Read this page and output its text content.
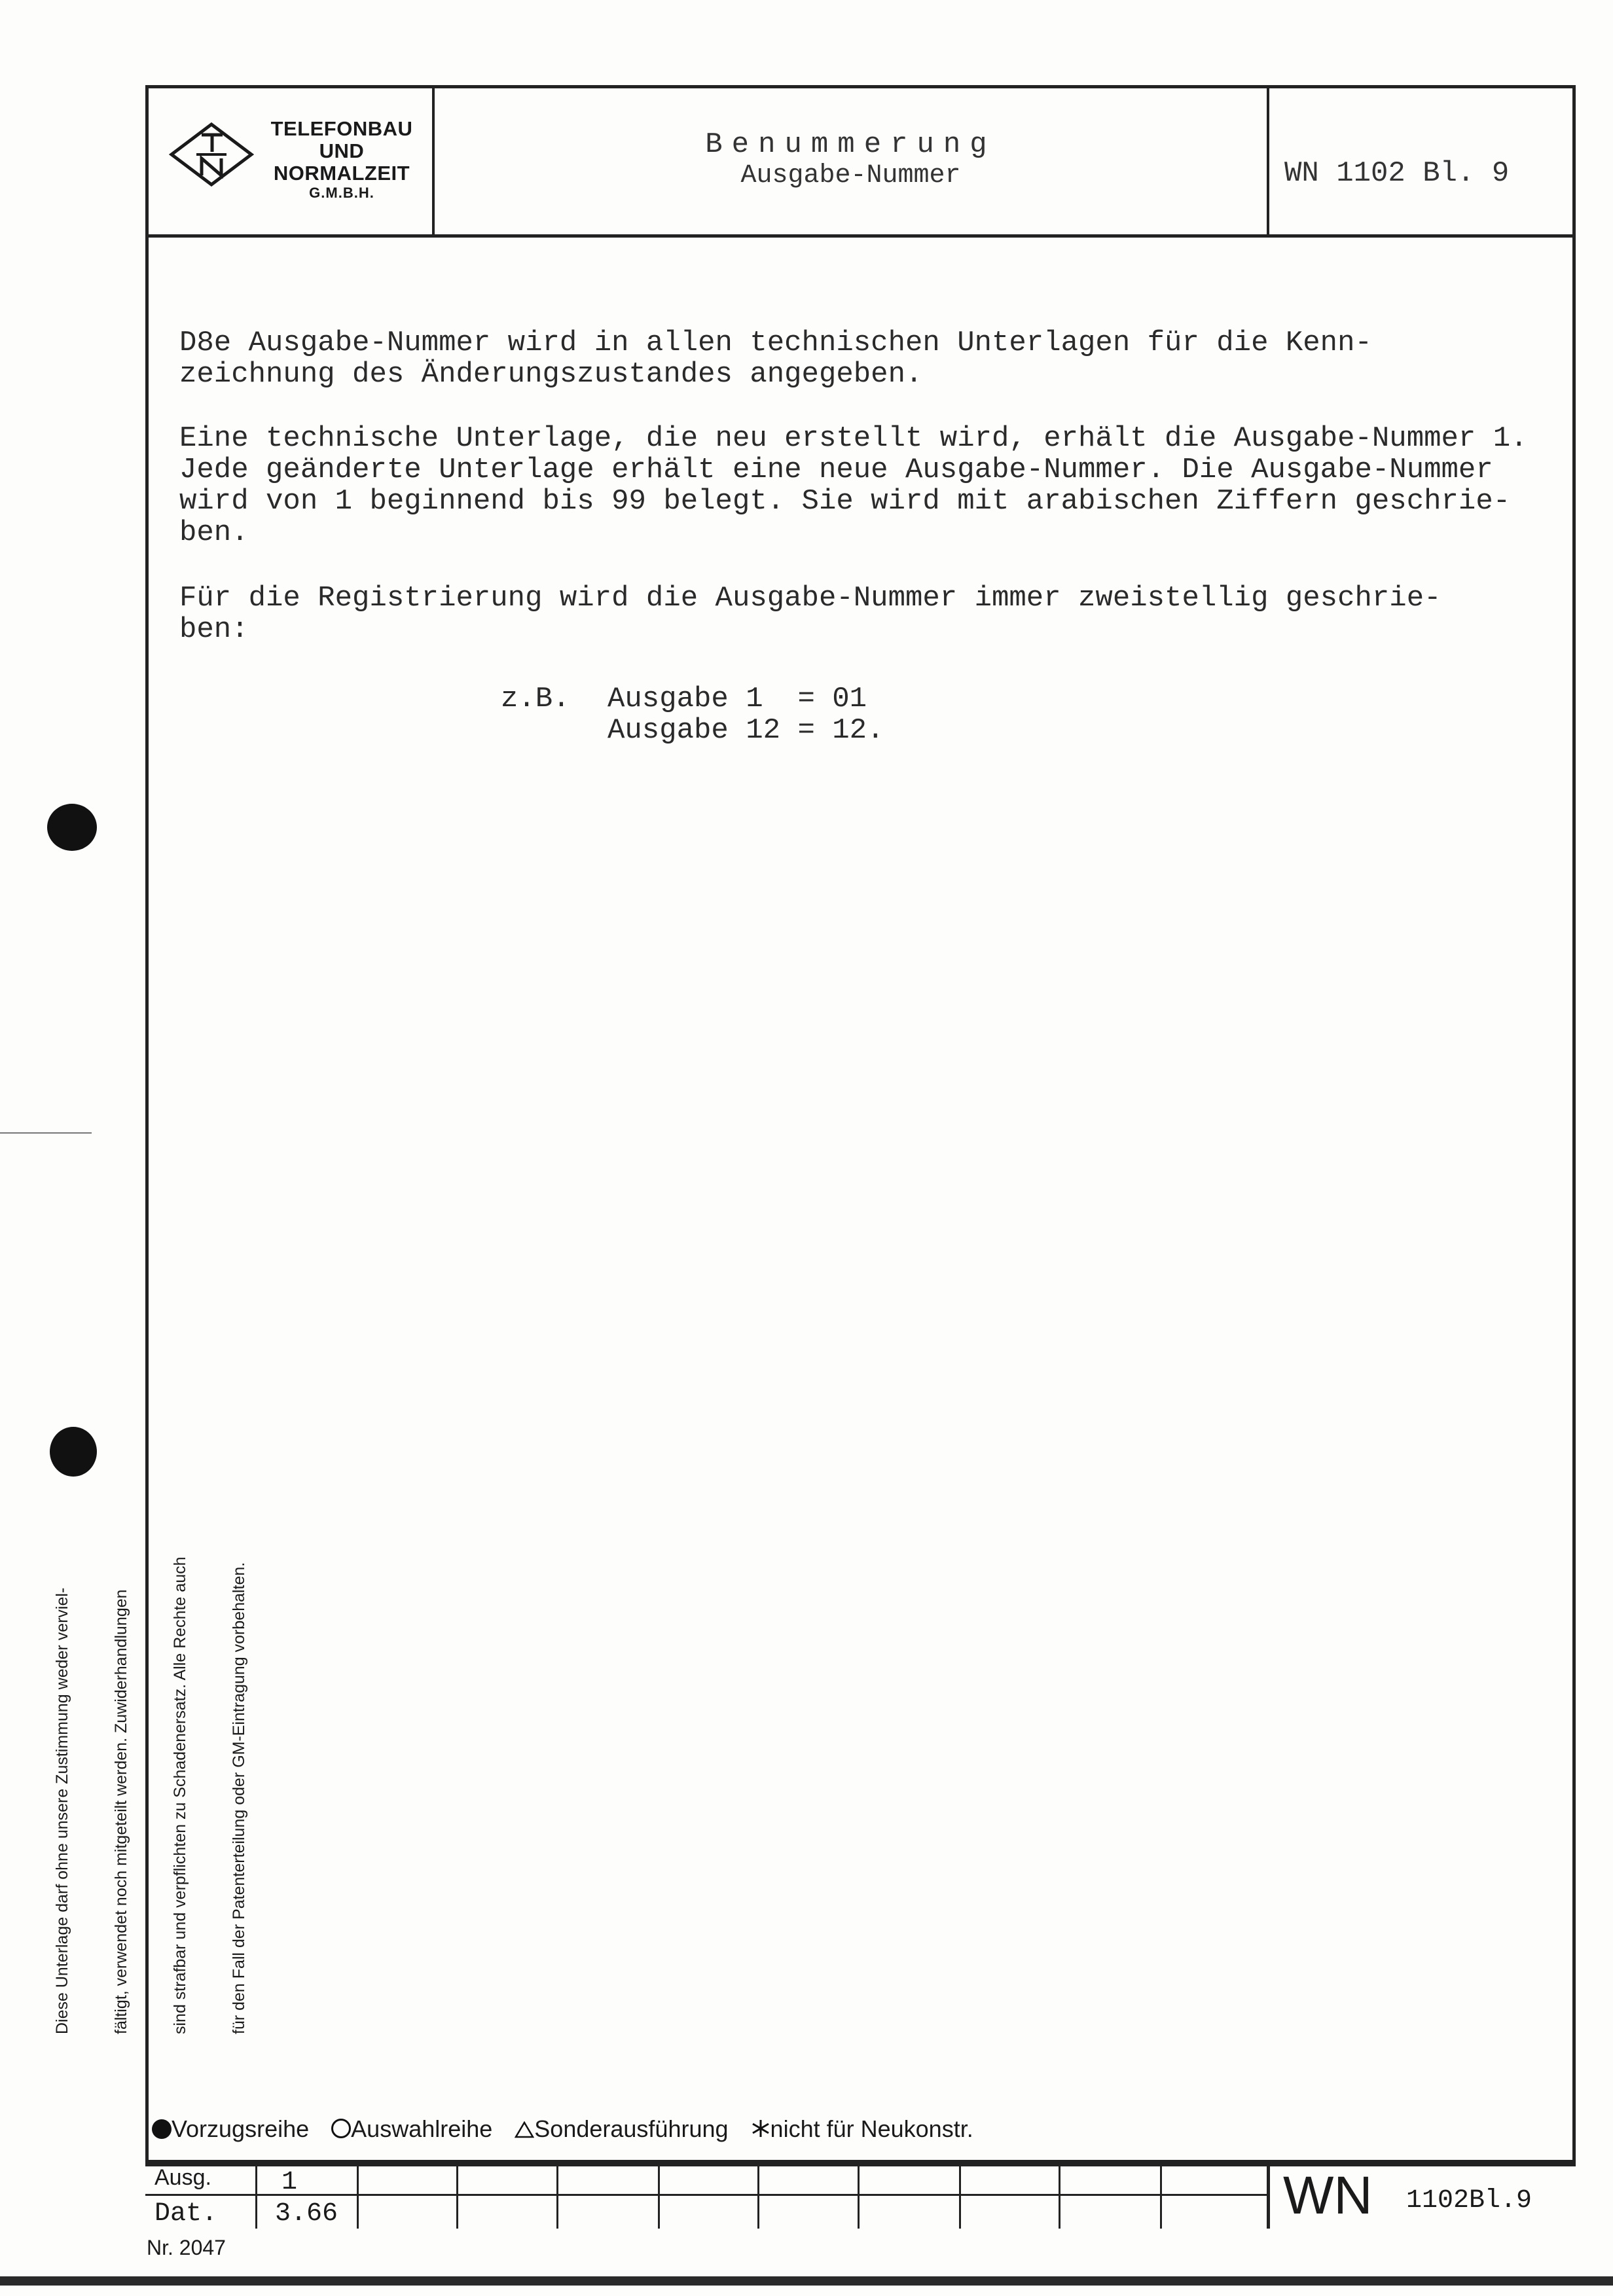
Diese Unterlage darf ohne unsere Zustimmung weder verviel-

fältigt, verwendet noch mitgeteilt werden. Zuwiderhandlungen

sind strafbar und verpflichten zu Schadenersatz. Alle Rechte auch

für den Fall der Patenterteilung oder GM-Eintragung vorbehalten.

TELEFONBAU
UND
NORMALZEIT
G.M.B.H.
Benummerung
Ausgabe-Nummer	WN 1102 Bl. 9
D8e Ausgabe-Nummer wird in allen technischen Unterlagen für die Kenn-
zeichnung des Änderungszustandes angegeben.
Eine technische Unterlage, die neu erstellt wird, erhält die Ausgabe-Nummer 1.
Jede geänderte Unterlage erhält eine neue Ausgabe-Nummer. Die Ausgabe-Nummer
wird von 1 beginnend bis 99 belegt. Sie wird mit arabischen Ziffern geschrie-
ben.
Für die Registrierung wird die Ausgabe-Nummer immer zweistellig geschrie-
ben:
z.B. Ausgabe 1  = 01
Ausgabe 12 = 12.
Vorzugsreihe Auswahlreihe Sonderausführung nicht für Neukonstr.
Ausg.	1
Dat. 3.66	WN 1102Bl.9
Nr. 2047
